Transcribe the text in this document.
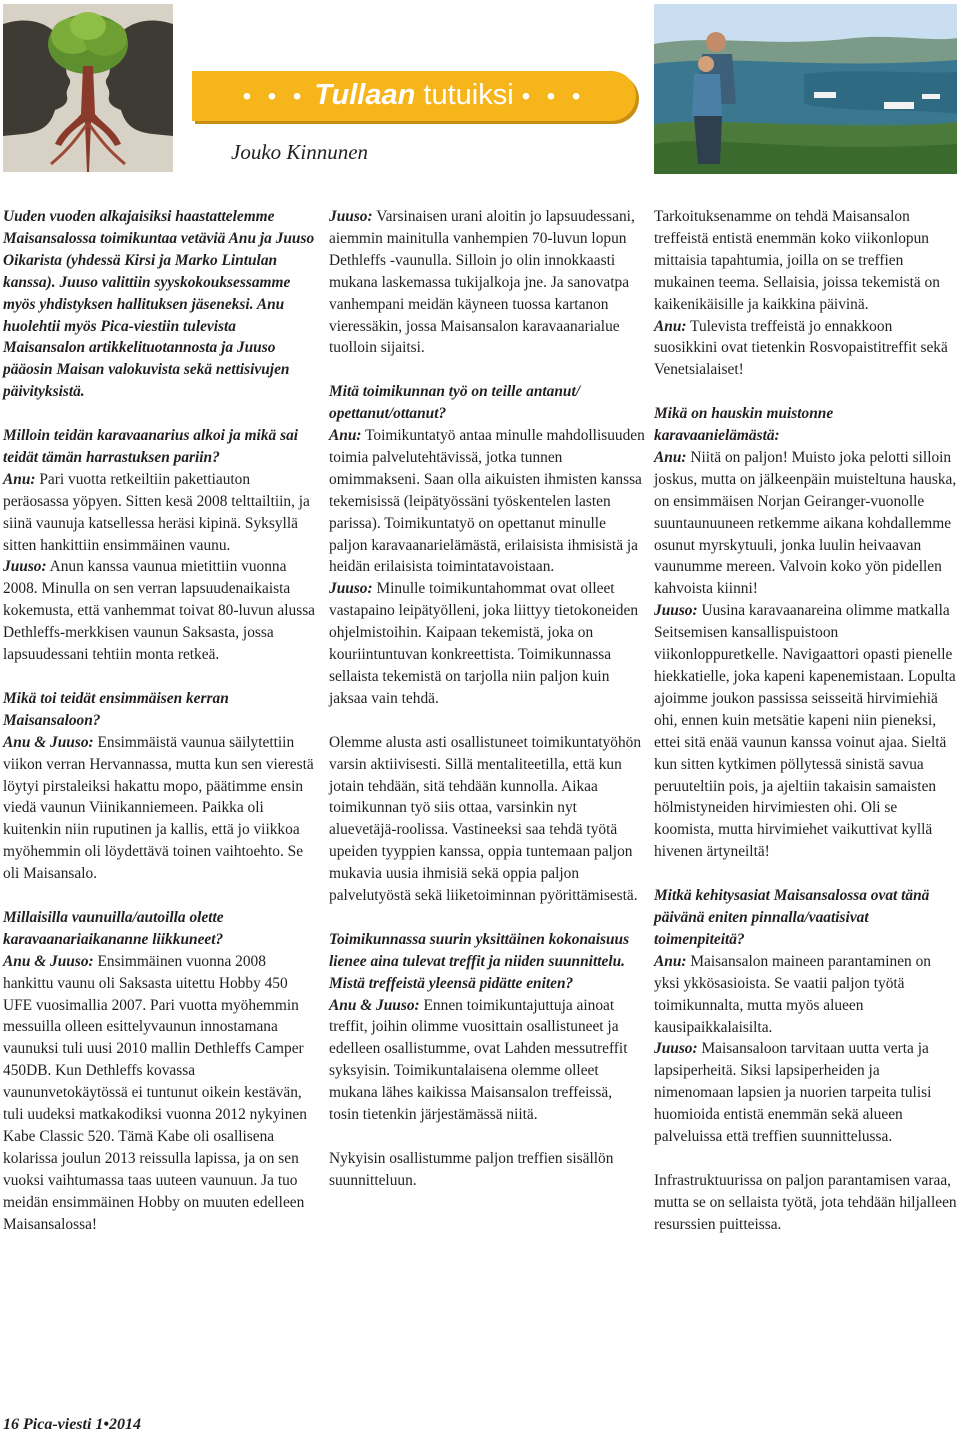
• • • Tullaan tutuiksi • • •
Jouko Kinnunen

Uuden vuoden alkajaisiksi haastattelemme Maisansalossa toimikuntaa vetäviä Anu ja Juuso Oikarista (yhdessä Kirsi ja Marko Lintulan kanssa). Juuso valittiin syyskokouksessamme myös yhdistyksen hallituksen jäseneksi. Anu huolehtii myös Pica-viestiin tulevista Maisansalon artikkelituotannosta ja Juuso pääosin Maisan valokuvista sekä nettisivujen päivityksistä.

Milloin teidän karavaanarius alkoi ja mikä sai teidät tämän harrastuksen pariin?

Anu: Pari vuotta retkeiltiin pakettiauton peräosassa yöpyen. Sitten kesä 2008 telttailtiin, ja siinä vaunuja katsellessa heräsi kipinä. Syksyllä sitten hankittiin ensimmäinen vaunu.

Juuso: Anun kanssa vaunua mietittiin vuonna 2008. Minulla on sen verran lapsuudenaikaista kokemusta, että vanhemmat toivat 80-luvun alussa Dethleffs-merkkisen vaunun Saksasta, jossa lapsuudessani tehtiin monta retkeä.

Mikä toi teidät ensimmäisen kerran Maisansaloon?

Anu & Juuso: Ensimmäistä vaunua säilytettiin viikon verran Hervannassa, mutta kun sen vierestä löytyi pirstaleiksi hakattu mopo, päätimme ensin viedä vaunun Viinikanniemeen. Paikka oli kuitenkin niin ruputinen ja kallis, että jo viikkoa myöhemmin oli löydettävä toinen vaihtoehto. Se oli Maisansalo.

Millaisilla vaunuilla/autoilla olette karavaanariaikananne liikkuneet?

Anu & Juuso: Ensimmäinen vuonna 2008 hankittu vaunu oli Saksasta uitettu Hobby 450 UFE vuosimallia 2007. Pari vuotta myöhemmin messuilla olleen esittelyvaunun innostamana vaunuksi tuli uusi 2010 mallin Dethleffs Camper 450DB. Kun Dethleffs kovassa vaununvetokäytössä ei tuntunut oikein kestävän, tuli uudeksi matkakodiksi vuonna 2012 nykyinen Kabe Classic 520. Tämä Kabe oli osallisena kolarissa joulun 2013 reissulla lapissa, ja on sen vuoksi vaihtumassa taas uuteen vaunuun. Ja tuo meidän ensimmäinen Hobby on muuten edelleen Maisansalossa!

Juuso: Varsinaisen urani aloitin jo lapsuudessani, aiemmin mainitulla vanhempien 70-luvun lopun Dethleffs -vaunulla. Silloin jo olin innokkaasti mukana laskemassa tukijalkoja jne. Ja sanovatpa vanhempani meidän käyneen tuossa kartanon vieressäkin, jossa Maisansalon karavaanarialue tuolloin sijaitsi.

Mitä toimikunnan työ on teille antanut/ opettanut/ottanut?

Anu: Toimikuntatyö antaa minulle mahdollisuuden toimia palvelutehtävissä, jotka tunnen omimmakseni. Saan olla aikuisten ihmisten kanssa tekemisissä (leipätyössäni työskentelen lasten parissa). Toimikuntatyö on opettanut minulle paljon karavaanarielämästä, erilaisista ihmisistä ja heidän erilaisista toimintatavoistaan.

Juuso: Minulle toimikuntahommat ovat olleet vastapaino leipätyölleni, joka liittyy tietokoneiden ohjelmistoihin. Kaipaan tekemistä, joka on kouriintuntuvan konkreettista. Toimikunnassa sellaista tekemistä on tarjolla niin paljon kuin jaksaa vain tehdä.

Olemme alusta asti osallistuneet toimikuntatyöhön varsin aktiivisesti. Sillä mentaliteetilla, että kun jotain tehdään, sitä tehdään kunnolla. Aikaa toimikunnan työ siis ottaa, varsinkin nyt aluevetäjä-roolissa. Vastineeksi saa tehdä työtä upeiden tyyppien kanssa, oppia tuntemaan paljon mukavia uusia ihmisiä sekä oppia paljon palvelutyöstä sekä liiketoiminnan pyörittämisestä.

Toimikunnassa suurin yksittäinen kokonaisuus lienee aina tulevat treffit ja niiden suunnittelu. Mistä treffeistä yleensä pidätte eniten?

Anu & Juuso: Ennen toimikuntajuttuja ainoat treffit, joihin olimme vuosittain osallistuneet ja edelleen osallistumme, ovat Lahden messutreffit syksyisin. Toimikuntalaisena olemme olleet mukana lähes kaikissa Maisansalon treffeissä, tosin tietenkin järjestämässä niitä.

Nykyisin osallistumme paljon treffien sisällön suunnitteluun.

Tarkoituksenamme on tehdä Maisansalon treffeistä entistä enemmän koko viikonlopun mittaisia tapahtumia, joilla on se treffien mukainen teema. Sellaisia, joissa tekemistä on kaikenikäisille ja kaikkina päivinä.

Anu: Tulevista treffeistä jo ennakkoon suosikkini ovat tietenkin Rosvopaistitreffit sekä Venetsialaiset!

Mikä on hauskin muistonne karavaanielämästä:

Anu: Niitä on paljon! Muisto joka pelotti silloin joskus, mutta on jälkeenpäin muisteltuna hauska, on ensimmäisen Norjan Geiranger-vuonolle suuntaunuuneen retkemme aikana kohdallemme osunut myrskytuuli, jonka luulin heivaavan vaunumme mereen. Valvoin koko yön pidellen kahvoista kiinni!

Juuso: Uusina karavaanareina olimme matkalla Seitsemisen kansallispuistoon viikonloppuretkelle. Navigaattori opasti pienelle hiekkatielle, joka kapeni kapenemistaan. Lopulta ajoimme joukon passissa seisseitä hirvimiehiä ohi, ennen kuin metsätie kapeni niin pieneksi, ettei sitä enää vaunun kanssa voinut ajaa. Sieltä kun sitten kytkimen pöllytessä sinistä savua peruuteltiin pois, ja ajeltiin takaisin samaisten hölmistyneiden hirvimiesten ohi. Oli se koomista, mutta hirvimiehet vaikuttivat kyllä hivenen ärtyneiltä!

Mitkä kehitysasiat Maisansalossa ovat tänä päivänä eniten pinnalla/vaatisivat toimenpiteitä?

Anu: Maisansalon maineen parantaminen on yksi ykkösasioista. Se vaatii paljon työtä toimikunnalta, mutta myös alueen kausipaikkalaisilta.

Juuso: Maisansaloon tarvitaan uutta verta ja lapsiperheitä. Siksi lapsiperheiden ja nimenomaan lapsien ja nuorien tarpeita tulisi huomioida entistä enemmän sekä alueen palveluissa että treffien suunnittelussa.

Infrastruktuurissa on paljon parantamisen varaa, mutta se on sellaista työtä, jota tehdään hiljalleen resurssien puitteissa.

16 Pica-viesti 1•2014
